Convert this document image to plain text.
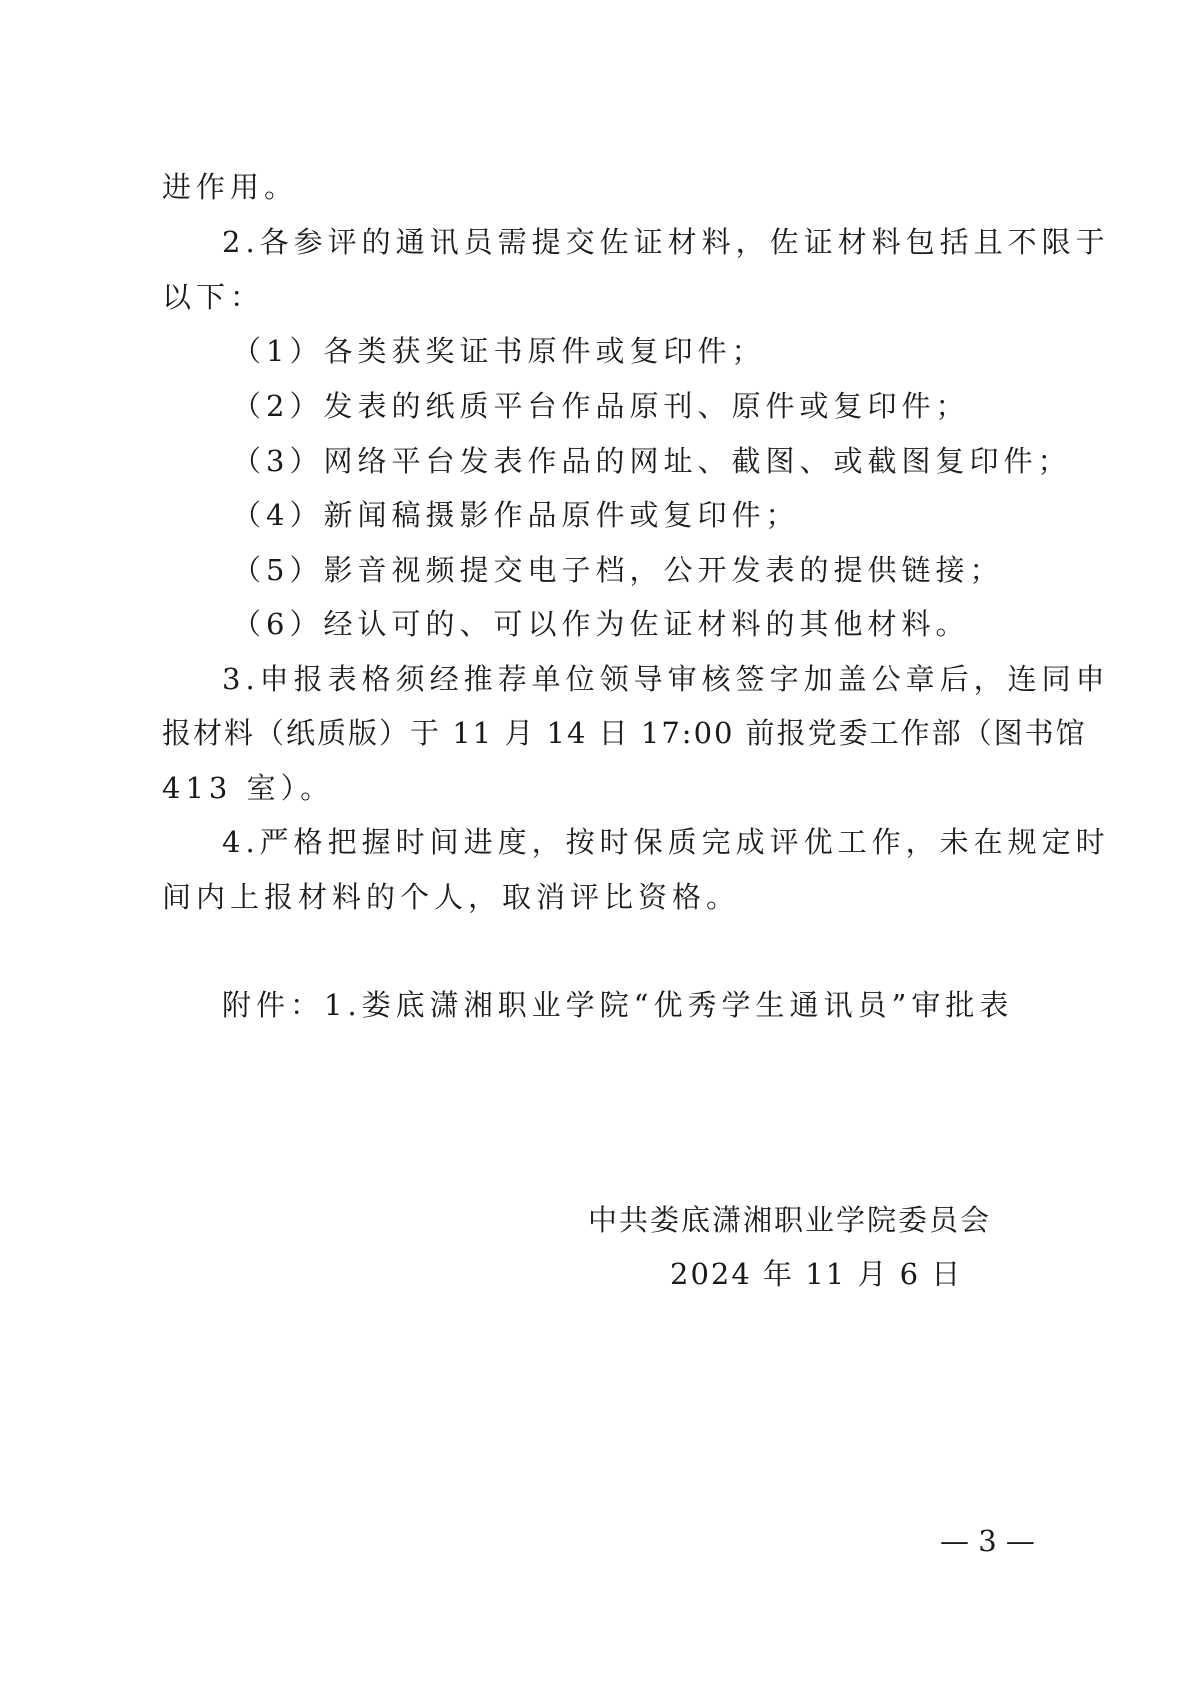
进作用。
2.各参评的通讯员需提交佐证材料，佐证材料包括且不限于
以下：
（1）各类获奖证书原件或复印件；
（2）发表的纸质平台作品原刊、原件或复印件；
（3）网络平台发表作品的网址、截图、或截图复印件；
（4）新闻稿摄影作品原件或复印件；
（5）影音视频提交电子档，公开发表的提供链接；
（6）经认可的、可以作为佐证材料的其他材料。
3.申报表格须经推荐单位领导审核签字加盖公章后，连同申
报材料（纸质版）于 11 月 14 日 17:00 前报党委工作部（图书馆
413 室）。
4.严格把握时间进度，按时保质完成评优工作，未在规定时
间内上报材料的个人，取消评比资格。
附件：1.娄底潇湘职业学院“优秀学生通讯员”审批表
中共娄底潇湘职业学院委员会
2024 年 11 月 6 日
— 3 —
